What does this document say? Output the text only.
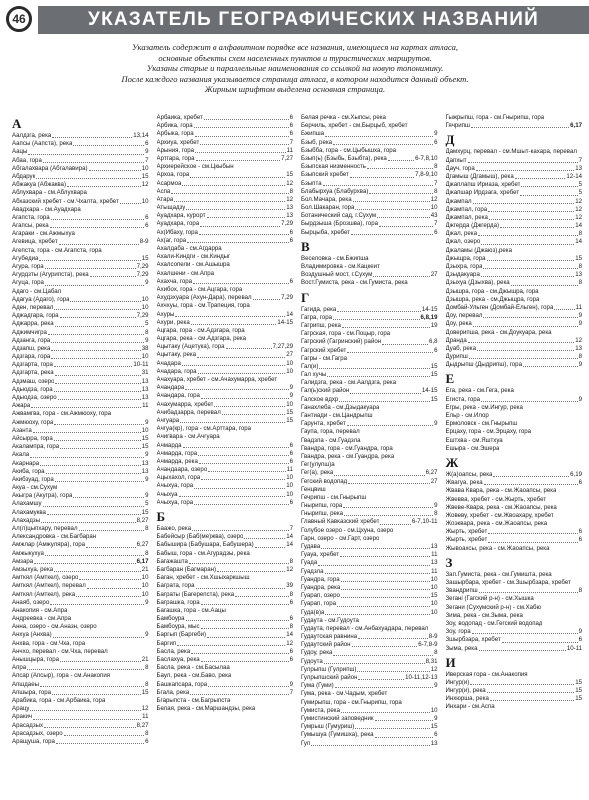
46	УКАЗАТЕЛЬ ГЕОГРАФИЧЕСКИХ НАЗВАНИЙ

Указатель содержит в алфавитном порядке все названия, имеющиеся на картах атласа,

основные объекты схем населенных пунктов и туристических маршрутов.

Указаны старые и параллельные наименования со ссылкой на новую топонимику.

После каждого названия указывается страница атласа, в котором находится данный объект.

Жирным шрифтом выделена основная страница.

А
Аалдзга, река	13,14
Аапсы (Аапста), река	6
Аацы	9
Абаа, гора	7
Абгалахвара (Абгалавира)	10
Абдарук	15
Абжакуа (Абжаква)	12
Аблухвара - см.Аблухвара
Абхазский хребет - см.Чхалта, хребет	10
Авадхара - см.Ауадхара
Агапста, гора	6
Агапсы, река	6
Агараки - см.Ажмыхуа
Агевица, хребет	8-9
Агепста, гора - см.Агапста, гора
Агубедиа	15
Агура, гора	7,29
Агурдзты (Агурипста), река	7,29
Агуца, гора	9
Адаго - см.Цабал
Адагуа (Адаго), гора	10
Аден, перевал	10
Аджадгара, гора	7,29
Аджарра, река	5
Аджимчигра	8
Адзанга, гора	9
Адзапш, река	38
Адзгара, гора	10
Адзгарта, гора	10-11
Адзгарта, река	31
Адзмаш, озеро	13
Адыодза, гора	13
Адыодза, озеро	13
Ажара	11
Ажвамгва, гора - см.Ажмюоху, гора
Ажмюоху, гора	9
Азанта	10
Айсырра, гора	15
Акалампра, гора	15
Акала	9
Акарнара	13
Акиба, гора	13
Акибзуад, гора	9
Акуа - см.Сухум
Акыгра (Акугра), гора	9
Алахамшу	5
Алахамуква	15
Алахадзы	8,27
Ал(л)цыпхару, перевал	8
Александровка - см.Багбаран
Амжлар (Амжулярa), гора	6,27
Амжыкухуа	8
Амзара	6,17
Амзыхуа, река	21
Амткял (Амткел), озеро	10
Амткял (Амткел), перевал	10
Амткял (Амткел), река	10
Анаяб, озеро	9
Анакопия - см.Апра
Андреевка - см.Апра
Анна, озеро - см.Аназн, озеро
Анхуа (Анхва)	9
Анхва, гора - см.Чха, гора
Анчхо, перевал - см.Чха, перевал
Анышцыра, гора	21
Апра	8
Апсар (Апсыр), гора - см.Анакопия
Апшдаеы	8
Апшыра, гора	15
Арабика, гора - см.Арбаика, гора
Арацу	12
Аракич	11
Арасадзых	8,27
Арасадзых, озеро	8
Аращуша, гора	6
Арбаика, хребет	6
Арбика, гора	6
Арбыка, гора	6
Архиуа, хребет	7
Арыния, гора	11
Артгара, гора	7,27
Архиерейское - см.Цкыбын
Архоа, гора	15
Асармоа	12
Аспа	8
Атара	12
Атыщадзу	13
Ауадхара, курорт	13
Ауадхара, гора	7,29
Ах(Ибаху, гора	6
Ах(аг, гора	6
Ахалдаба - см.Агдарра
Ахали-Киндги - см.Киндыг
Ахалсопели - см.Ашышра
Ахалшени - см.Апра
Ахахча, гора	6
Ахибох, гора - см.Ацгара, гора
Ахудзхуара (Ахун-Дара), перевал	7,29
Ахчхуы, гора - см.Трапеция, гора
Ахуры	14
Ахури, река	14-15
Ацгара, гора - см.Адзгара, гора
Ацгара, река - см.Адзгара, река
Ацытаку (Ацетука), гора	7,27,29
Ацытаку, река	27
Ачадара	10
Ачадара, гора	10
Ачахуара, хребет - см.Ачахумарра, хребет
Ачандара	9
Ачандара, гора	9
Ачахумарра, хребет	10
Ачибадзарра, перевал	15
Ачгуара	15
Ачгуа(кр), гора - см.Арттара, гора
Ачигварa - см.Ачгуара
Ачмарда	6
Ачмарда, гора	6
Ачмарда, река	6
Ачандаара, озеро	11
Ацыхахол, гора	10
Ачыхуа, гора	10
Ачыхуа	10
Ачыхуа, гора	6
Б
Баажо, река	7
Бабейсыр (Баб(ме)жва), озеро	14
Бабышира (Бабушара, Бабушера)	14
Бабыш, гора - см.Агурадзы, река
Багажашта	8
Багбаран (Багмаран)	12
Баган, хребет - см.Хшыхаркшыш
Баграта, гора	39
Баграты (Багерепста), река	8
Баграшка, гора	6
Багашка, гора - см.Аацы
Бамбоура	6
Бамбоура, мыс	8
Баргып (Баргеби)	14
Баргип	12
Басла, река	6
Баслахуа, река	6
Басла, река - см.Басылаа
Баул, река - см.Баво, река
Башкапсара, гора	9
Бгала, река	7
Бгарыпста - см.Багрыпста
Белая, река - см.Маршандзы, река
Белая речка - см.Хыпсы, река
Берчиль, хребет - см.Бырцыб, хребет
Бжипша	9
Бзыб, река	6
Бзыбба, гора - см.Цыбышха, гора
Бзып(ь) (Бзыбь, Бзыбта), река	6-7,8,10
Бзыпская низменность	8
Бзыпский хребет	7,8-9,10
Бзыпта	7
Блабырхуа (Блабурхва)	8
Бол.Мачара, река	12
Бол.Шакаран, гора	10
Ботанический сад, г.Сухум	43
Бырдзыша (Брозшва), гора	7
Бырцыба, хребет	6
В
Веселовка - см.Бжипша
Владимировка - см.Кацкеит
Воздушный мост, г.Сухум	27
Вост.Гумиста, река - см.Гумиста, река
Г
Гагида, река	14-15
Гагра, гора	6,8,19
Гагрипш, река	19
Гагрская, гора - см.Поцыр, гора
Гагрский (Гагринский) район	6,8
Гагрский хребет	6
Гагры - см.Гагра
Гал(и)	15
Гал хучы	15
Галидзга, река - см.Аалдзга, река
Гал(ь)ский район	14-15
Галское вдхр	15
Ганахлеба - см.Дзыдакуара
Гантиади - см.Цандрыпш
Гарунта, хребет	9
Гаупа, гора, перевал
Гвадзла - см.Гуадзла
Гвандра, гора - см.Гуандра, гора
Гвандра, река - см.Гуандра, река
Гег(улупш)а
Гег(а), река	6,27
Гегский водопад	27
Генцвиш
Гечрипш - см.Гнырыпш
Гнырипш, гора	9
Гнырипш, река	8
Главный Кавказский хребет	6-7,10-11
Голубое озеро - см.Цхуна, озеро
Гарн, озеро - см.Гарт, озеро
Гудава	13
Гуауа, хребет	11
Гуада	13
Гуадзла	11
Гуандра, гора	10
Гуандра, река	10
Гуарап, озеро	15
Гуарап, гора	10
Гуда(в)а	10
Гудаута - см.Гудоута
Гудаута, перевал - см.Анбахуадара, перевал
Гудаутская равнина	8-9
Гудаутский район	6-7,8-9
Гудоу, река	8
Гудоута	8,31
Гулрыпш (Гулрипш)	12
Гулрыпшский район	10-11,12-13
Гума (Гуми)	9
Гума, река - см.Чадым, хребет
Гумирыпш, гора - см.Гнырипш, гора
Гумиста, река	10
Гумистинский заповедник	9
Гумрыш (Гумуриш)	15
Гумышуа (Гумишха), река	6
Гуп	13
Гыжрыпш, гора - см.Гнырипш, гора
Гячрипш	6,17
Д
Дамхурц, перевал - см.Мшыт-кахара, перевал
Дапхыт	7
Дауч, гора	13
Дгамыш (Дгамыш), река	12-14
Джаплапш Ириаза, хребет	5
Джапшар Ирдзага, хребет	5
Джампал	12
Джампал, гора	12
Джампал, река	12
Джгерда (Джгерда)	14
Джал, река	8
Джал, озеро	14
Джаламы (Джаюз),река
Джыщра, гора	15
Дзыхра, гора	8
Дзыдакуара	13
Дзыхуа (Дзыхва), река	8
Дзышра, гора - см.Джышра, гора
Дзышра, река - см.Джыщра, гора
Домбай-Ульген (Домбай-Ёльген), гора	11
Доу, перевал	9
Доу, река	9
Доверипша, река - см.Доукуара, река
Дранда	12
Дуаб, река	13
Дурипш	8
Дыдрыпш (Дыдрипш), гора	9
Е
Ега, река - см.Гега, река
Егиста, гора	9
Егры, река - см.Ингур, река
Ельр - см.Илор
Ермоловск - см.Гнырыпш
Ерцаху, гора - см.Эрцаху, гора
Ештхва - см.Яштхуа
Ешыра - см.Эшера
Ж
Ж(а)оапсы, река	6,19
Жвагуа, река	6
Жвава Кваpa, река - см.Жаоапсы, река
Жвевва, хребет - см.Жырть, хребет
Жвеве-Квара, река - см.Жаоапсы, река
Жовеву, хребет - см.Жвоахару, хребет
Жоэкварa, река - см.Жаоапсы, река
Жырть, хребет	6
Жырть, хребет	6
Жывоахсы, река - см.Жаоапсы, река
З
Зап.Гумиста, река - см.Гумишта, река
Зашырбара, хребет - см.Зшырбзара, хребет
Звандрипш	8
Зеганi (Гагский р-н) - см.Хышка
Зегани (Сухумский р-н) - см.Хабю
Зима, река - см.Зыма, река
Зоу, водопад - см.Гегский водопад
Зоу, гора	9
Зшырбзара, хребет	6
Зыма, река	10-11
И
Иверская гора - см.Анакопия
Ингур(и)	15
Ингур(и), река	15
Инхюрша, река	15
Инхaри - см.Аспа
